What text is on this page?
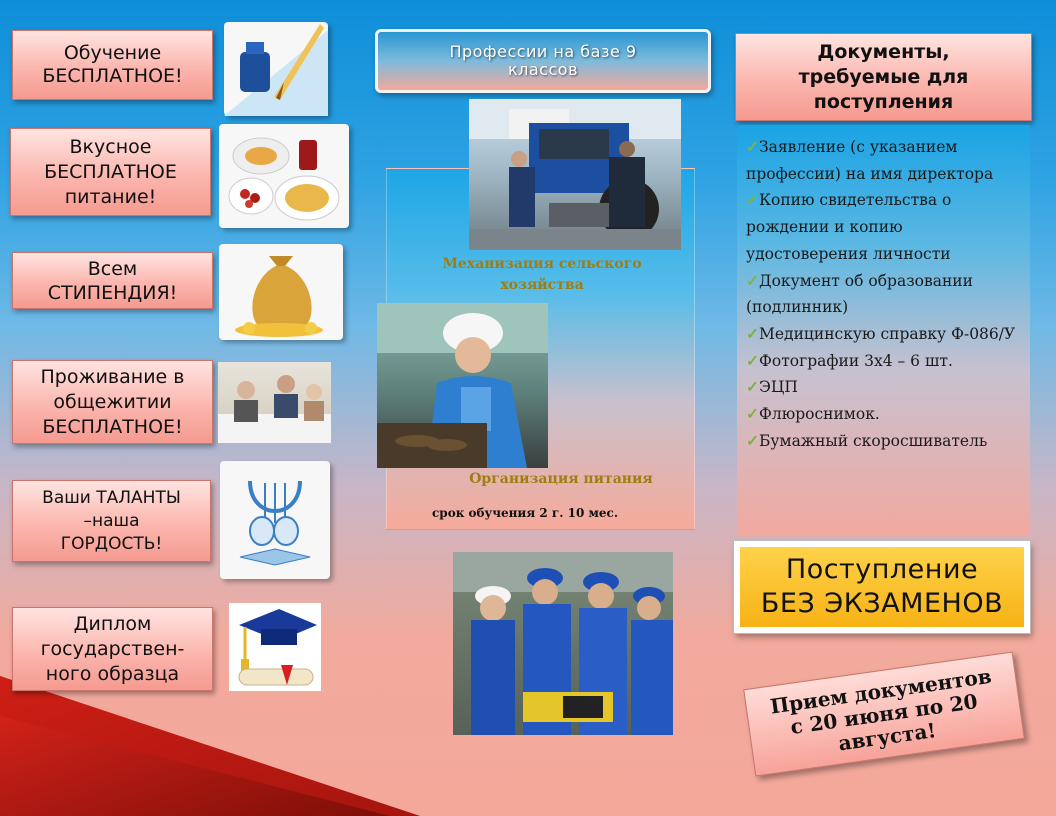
Обучение
БЕСПЛАТНОЕ!
Вкусное
БЕСПЛАТНОЕ
питание!
Всем
СТИПЕНДИЯ!
Проживание в
общежитии
БЕСПЛАТНОЕ!
Ваши ТАЛАНТЫ
–наша
ГОРДОСТЬ!
Диплом
государствен-
ного образца
Профессии на базе 9
классов
Механизация сельского
хозяйства
Организация питания
срок обучения 2 г. 10 мес.
Документы,
требуемые для
поступления
✓Заявление (с указанием профессии) на имя директора
✓Копию свидетельства о рождении и копию удостоверения личности
✓Документ об образовании (подлинник)
✓Медицинскую справку Ф-086/У
✓Фотографии 3х4 – 6 шт.
✓ЭЦП
✓Флюроснимок.
✓Бумажный скоросшиватель
Поступление
БЕЗ ЭКЗАМЕНОВ
Прием документов
с 20 июня по 20
августа!
